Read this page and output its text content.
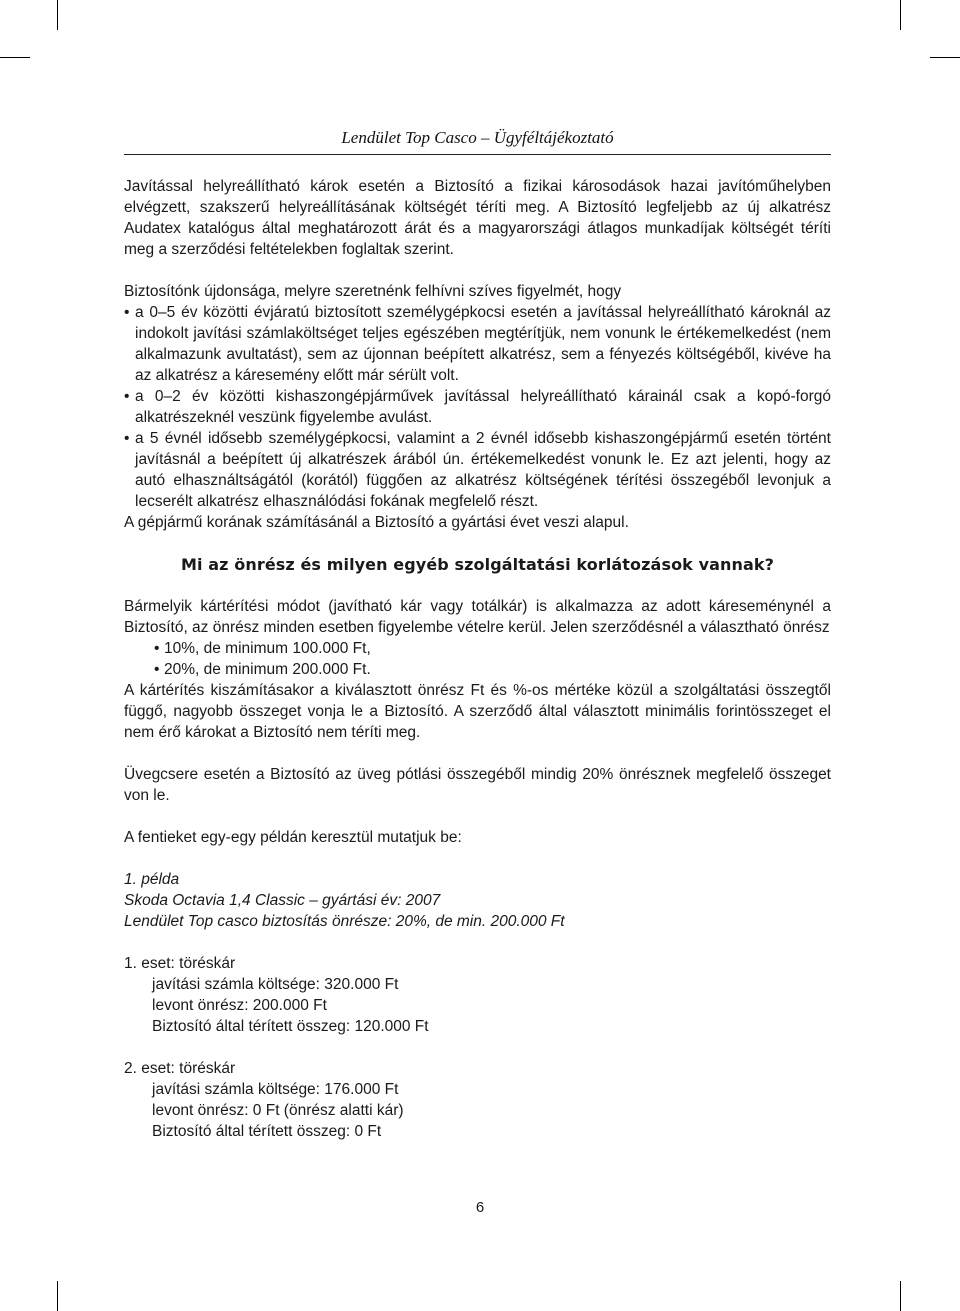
Lendület Top Casco – Ügyféltájékoztató

Javítással helyreállítható károk esetén a Biztosító a fizikai károsodások hazai javítóműhelyben elvégzett, szakszerű helyreállításának költségét téríti meg. A Biztosító legfeljebb az új alkatrész Audatex katalógus által meghatározott árát és a magyarországi átlagos munkadíjak költségét téríti meg a szerződési feltételekben foglaltak szerint.

Biztosítónk újdonsága, melyre szeretnénk felhívni szíves figyelmét, hogy

• a 0–5 év közötti évjáratú biztosított személygépkocsi esetén a javítással helyreállítható károknál az indokolt javítási számlaköltséget teljes egészében megtérítjük, nem vonunk le értékemelkedést (nem alkalmazunk avultatást), sem az újonnan beépített alkatrész, sem a fényezés költségéből, kivéve ha az alkatrész a káresemény előtt már sérült volt.
• a 0–2 év közötti kishaszongépjárművek javítással helyreállítható kárainál csak a kopó-forgó alkatrészeknél veszünk figyelembe avulást.
• a 5 évnél idősebb személygépkocsi, valamint a 2 évnél idősebb kishaszongépjármű esetén történt javításnál a beépített új alkatrészek árából ún. értékemelkedést vonunk le. Ez azt jelenti, hogy az autó elhasználtságától (korától) függően az alkatrész költségének térítési összegéből levonjuk a lecserélt alkatrész elhasználódási fokának megfelelő részt.

A gépjármű korának számításánál a Biztosító a gyártási évet veszi alapul.

Mi az önrész és milyen egyéb szolgáltatási korlátozások vannak?

Bármelyik kártérítési módot (javítható kár vagy totálkár) is alkalmazza az adott káreseménynél a Biztosító, az önrész minden esetben figyelembe vételre kerül. Jelen szerződésnél a választható önrész

• 10%, de minimum 100.000 Ft,
• 20%, de minimum 200.000 Ft.

A kártérítés kiszámításakor a kiválasztott önrész Ft és %-os mértéke közül a szolgáltatási összegtől függő, nagyobb összeget vonja le a Biztosító. A szerződő által választott minimális forintösszeget el nem érő károkat a Biztosító nem téríti meg.

Üvegcsere esetén a Biztosító az üveg pótlási összegéből mindig 20% önrésznek megfelelő összeget von le.

A fentieket egy-egy példán keresztül mutatjuk be:

1. példa

Skoda Octavia 1,4 Classic – gyártási év: 2007

Lendület Top casco biztosítás önrésze: 20%, de min. 200.000 Ft

1. eset: töréskár

javítási számla költsége: 320.000 Ft

levont önrész: 200.000 Ft

Biztosító által térített összeg: 120.000 Ft

2. eset: töréskár

javítási számla költsége: 176.000 Ft

levont önrész: 0 Ft (önrész alatti kár)

Biztosító által térített összeg: 0 Ft

6
